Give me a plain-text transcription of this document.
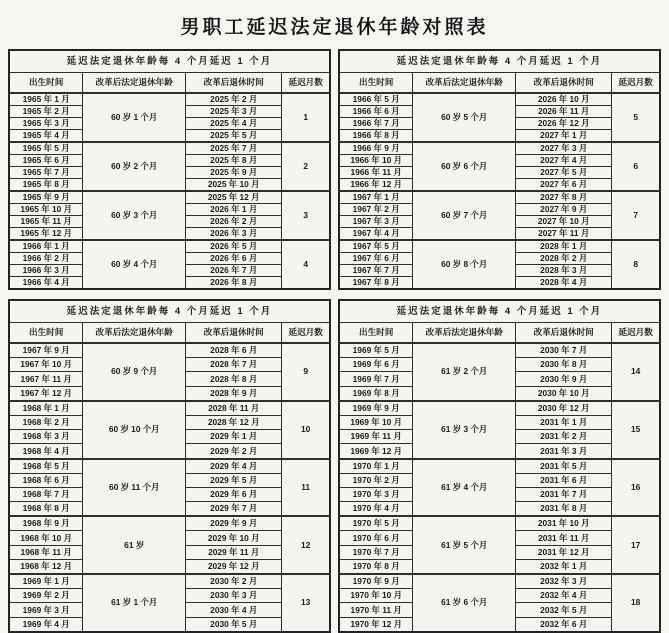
男职工延迟法定退休年龄对照表
延迟法定退休年龄每 4 个月延迟 1 个月			
出生时间	改革后法定退休年龄	改革后退休时间	延迟月数
1965 年 1 月	60 岁 1 个月	2025 年 2 月	1
1965 年 2 月		2025 年 3 月	
1965 年 3 月		2025 年 4 月	
1965 年 4 月		2025 年 5 月	
1965 年 5 月	60 岁 2 个月	2025 年 7 月	2
1965 年 6 月		2025 年 8 月	
1965 年 7 月		2025 年 9 月	
1965 年 8 月		2025 年 10 月	
1965 年 9 月	60 岁 3 个月	2025 年 12 月	3
1965 年 10 月		2026 年 1 月	
1965 年 11 月		2026 年 2 月	
1965 年 12 月		2026 年 3 月	
1966 年 1 月	60 岁 4 个月	2026 年 5 月	4
1966 年 2 月		2026 年 6 月	
1966 年 3 月		2026 年 7 月	
1966 年 4 月		2026 年 8 月	
延迟法定退休年龄每 4 个月延迟 1 个月			
出生时间	改革后法定退休年龄	改革后退休时间	延迟月数
1966 年 5 月	60 岁 5 个月	2026 年 10 月	5
1966 年 6 月		2026 年 11 月	
1966 年 7 月		2026 年 12 月	
1966 年 8 月		2027 年 1 月	
1966 年 9 月	60 岁 6 个月	2027 年 3 月	6
1966 年 10 月		2027 年 4 月	
1966 年 11 月		2027 年 5 月	
1966 年 12 月		2027 年 6 月	
1967 年 1 月	60 岁 7 个月	2027 年 8 月	7
1967 年 2 月		2027 年 9 月	
1967 年 3 月		2027 年 10 月	
1967 年 4 月		2027 年 11 月	
1967 年 5 月	60 岁 8 个月	2028 年 1 月	8
1967 年 6 月		2028 年 2 月	
1967 年 7 月		2028 年 3 月	
1967 年 8 月		2028 年 4 月	
延迟法定退休年龄每 4 个月延迟 1 个月			
出生时间	改革后法定退休年龄	改革后退休时间	延迟月数
1967 年 9 月	60 岁 9 个月	2028 年 6 月	9
1967 年 10 月		2028 年 7 月	
1967 年 11 月		2028 年 8 月	
1967 年 12 月		2028 年 9 月	
1968 年 1 月	60 岁 10 个月	2028 年 11 月	10
1968 年 2 月		2028 年 12 月	
1968 年 3 月		2029 年 1 月	
1968 年 4 月		2029 年 2 月	
1968 年 5 月	60 岁 11 个月	2029 年 4 月	11
1968 年 6 月		2029 年 5 月	
1968 年 7 月		2029 年 6 月	
1968 年 8 月		2029 年 7 月	
1968 年 9 月	61 岁	2029 年 9 月	12
1968 年 10 月		2029 年 10 月	
1968 年 11 月		2029 年 11 月	
1968 年 12 月		2029 年 12 月	
1969 年 1 月	61 岁 1 个月	2030 年 2 月	13
1969 年 2 月		2030 年 3 月	
1969 年 3 月		2030 年 4 月	
1969 年 4 月		2030 年 5 月	
延迟法定退休年龄每 4 个月延迟 1 个月			
出生时间	改革后法定退休年龄	改革后退休时间	延迟月数
1969 年 5 月	61 岁 2 个月	2030 年 7 月	14
1969 年 6 月		2030 年 8 月	
1969 年 7 月		2030 年 9 月	
1969 年 8 月		2030 年 10 月	
1969 年 9 月	61 岁 3 个月	2030 年 12 月	15
1969 年 10 月		2031 年 1 月	
1969 年 11 月		2031 年 2 月	
1969 年 12 月		2031 年 3 月	
1970 年 1 月	61 岁 4 个月	2031 年 5 月	16
1970 年 2 月		2031 年 6 月	
1970 年 3 月		2031 年 7 月	
1970 年 4 月		2031 年 8 月	
1970 年 5 月	61 岁 5 个月	2031 年 10 月	17
1970 年 6 月		2031 年 11 月	
1970 年 7 月		2031 年 12 月	
1970 年 8 月		2032 年 1 月	
1970 年 9 月	61 岁 6 个月	2032 年 3 月	18
1970 年 10 月		2032 年 4 月	
1970 年 11 月		2032 年 5 月	
1970 年 12 月		2032 年 6 月	
